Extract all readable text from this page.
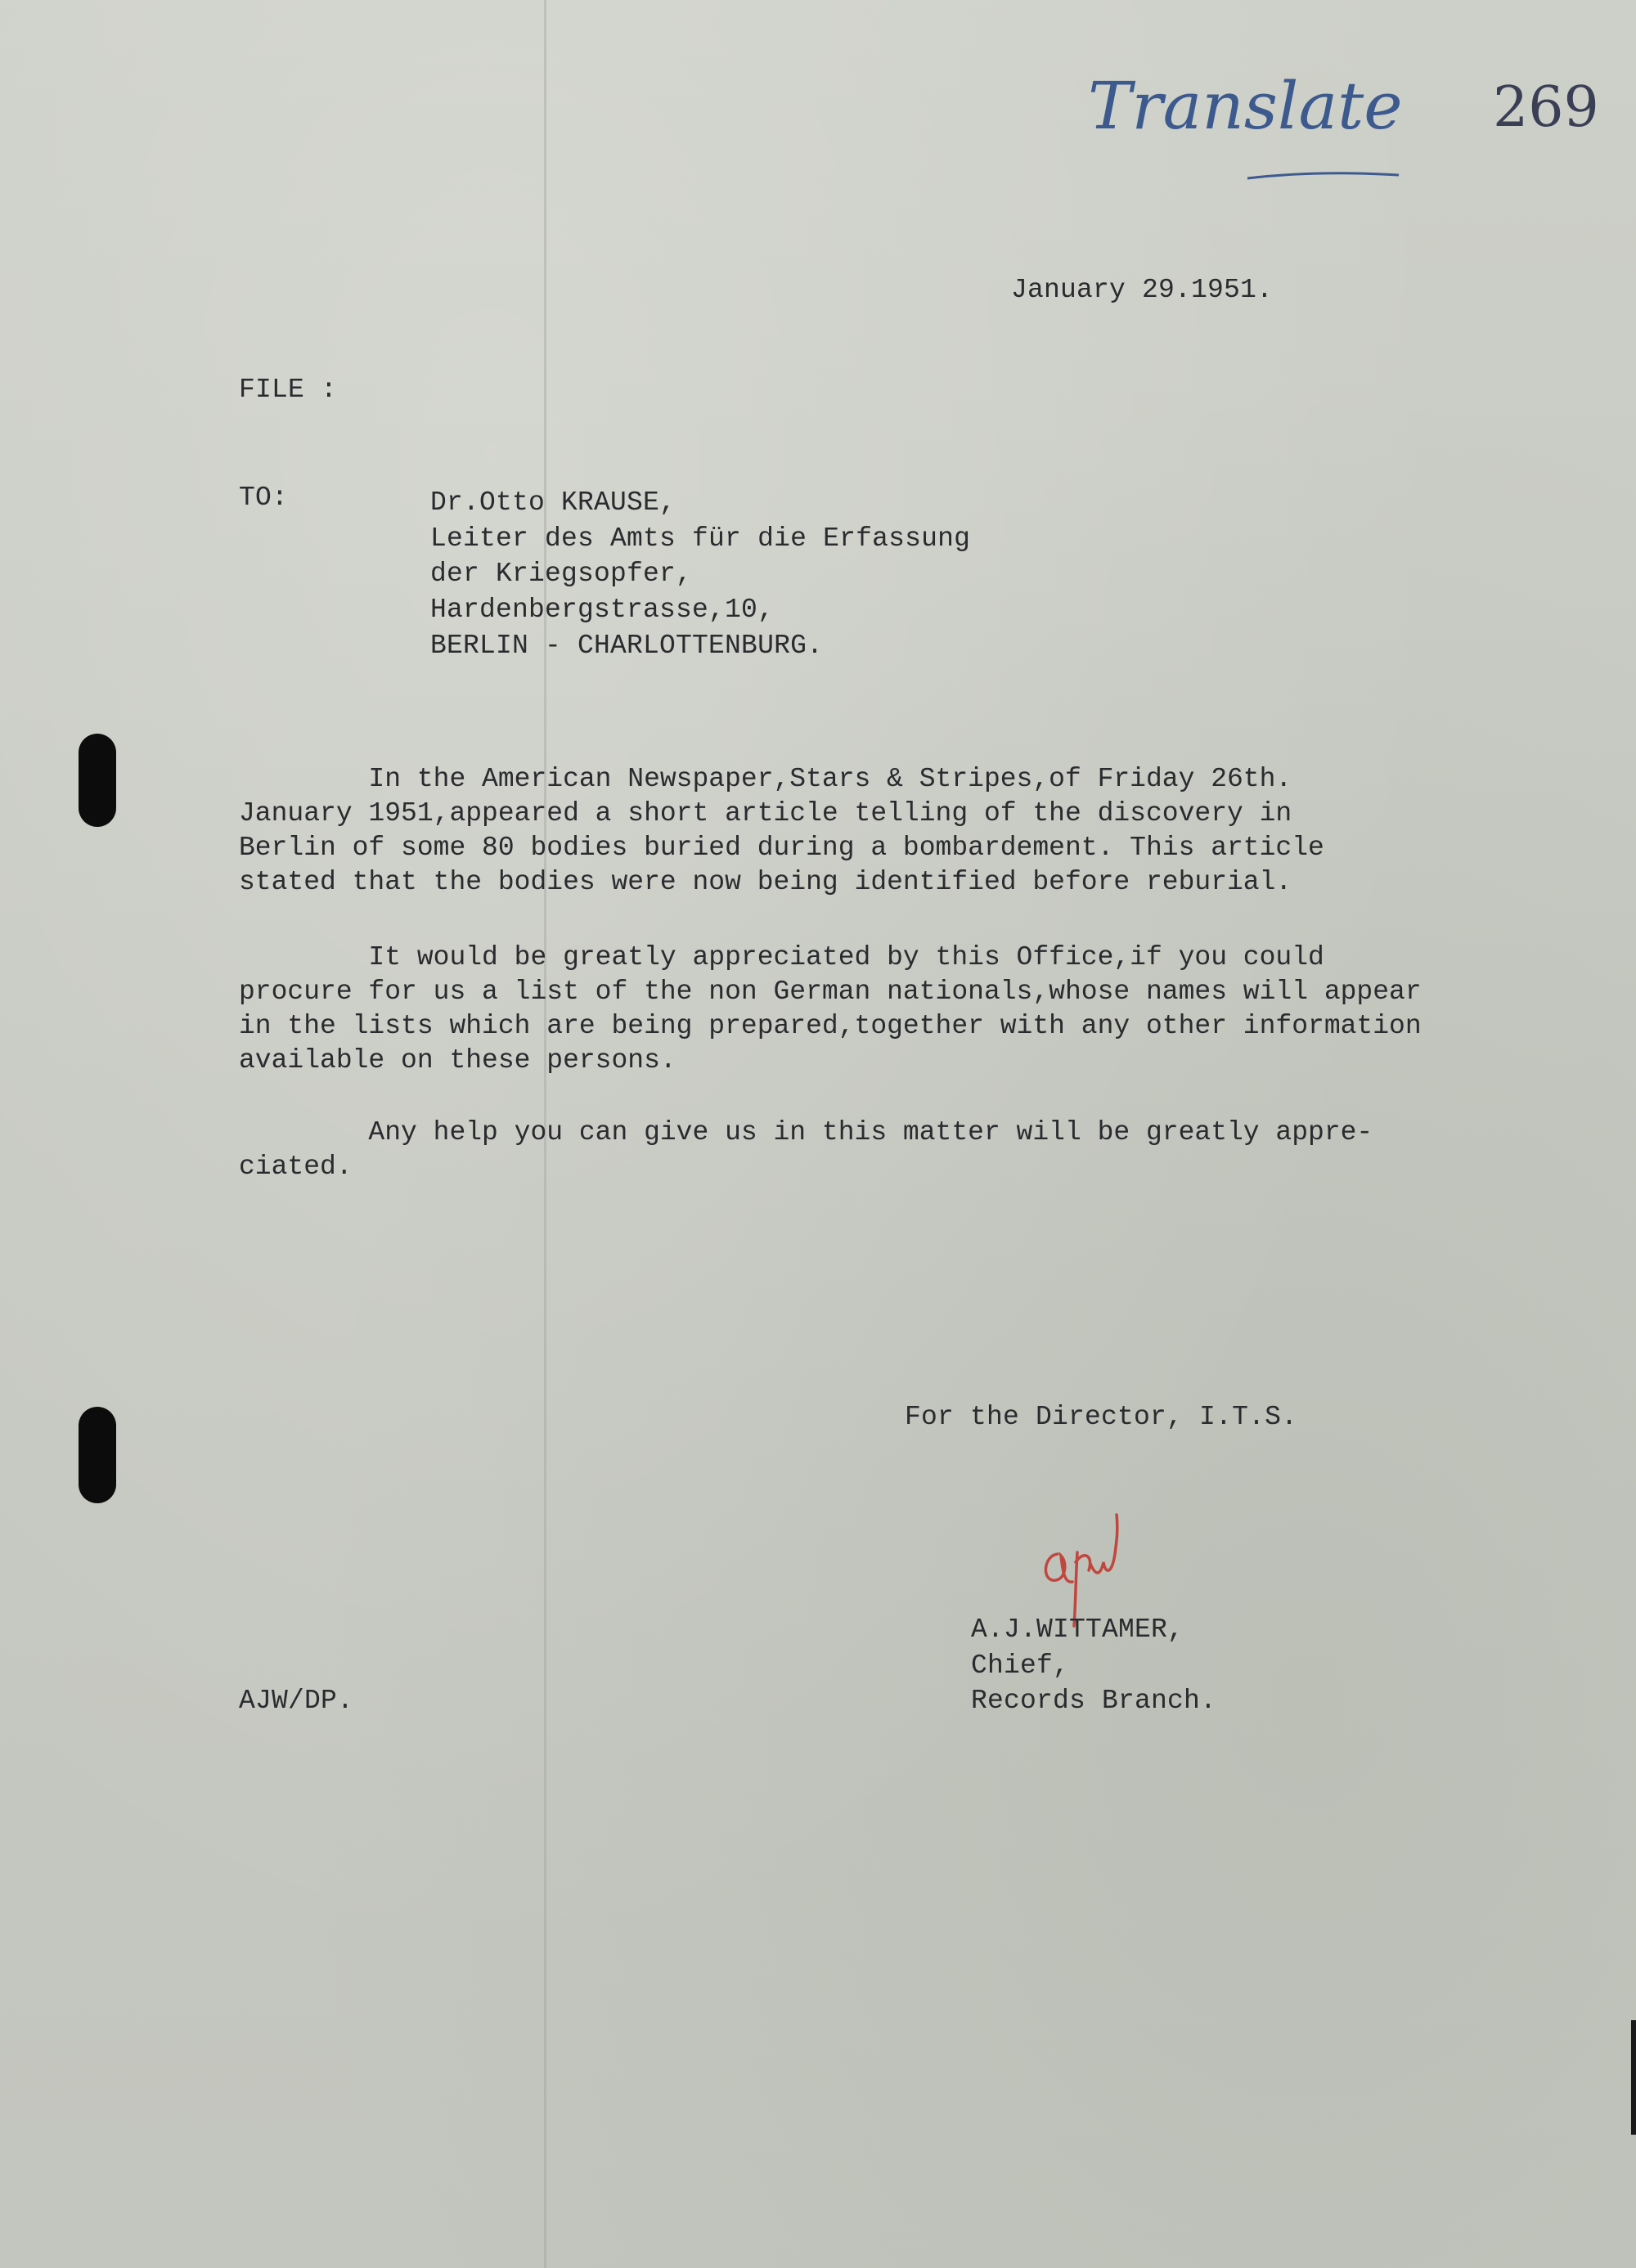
Translate 269
January 29.1951.
FILE :
TO:	Dr.Otto KRAUSE,
Leiter des Amts für die Erfassung
der Kriegsopfer,
Hardenbergstrasse,10,
BERLIN - CHARLOTTENBURG.
In the American Newspaper,Stars & Stripes,of Friday 26th.
January 1951,appeared a short article telling of the discovery in
Berlin of some 80 bodies buried during a bombardement. This article
stated that the bodies were now being identified before reburial.
It would be greatly appreciated by this Office,if you could
procure for us a list of the non German nationals,whose names will appear
in the lists which are being prepared,together with any other information
available on these persons.
Any help you can give us in this matter will be greatly appre-
ciated.
For the Director, I.T.S.
A.J.WITTAMER,
Chief,
Records Branch.
AJW/DP.
